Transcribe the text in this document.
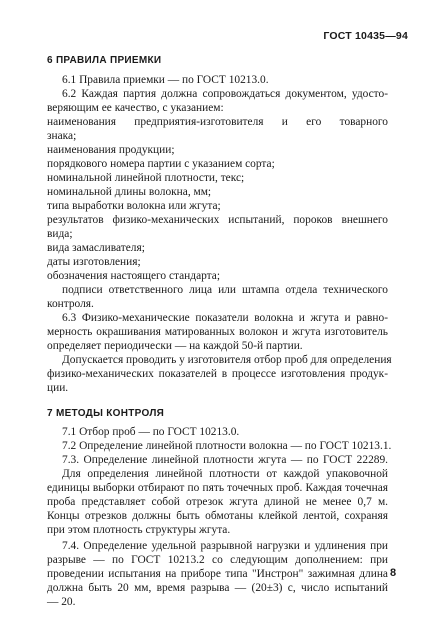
ГОСТ 10435—94
6 ПРАВИЛА ПРИЕМКИ
6.1 Правила приемки — по ГОСТ 10213.0.
6.2 Каждая партия должна сопровождаться документом, удосто-
веряющим ее качество, с указанием:
наименования предприятия-изготовителя и его товарного
знака;
наименования продукции;
порядкового номера партии с указанием сорта;
номинальной линейной плотности, текс;
номинальной длины волокна, мм;
типа выработки волокна или жгута;
результатов физико-механических испытаний, пороков внешнего
вида;
вида замасливателя;
даты изготовления;
обозначения настоящего стандарта;
подписи ответственного лица или штампа отдела технического
контроля.
6.3 Физико-механические показатели волокна и жгута и равно-
мерность окрашивания матированных волокон и жгута изготовитель
определяет периодически — на каждой 50-й партии.
Допускается проводить у изготовителя отбор проб для определения
физико-механических показателей в процессе изготовления продук-
ции.
7 МЕТОДЫ КОНТРОЛЯ
7.1 Отбор проб — по ГОСТ 10213.0.
7.2 Определение линейной плотности волокна — по ГОСТ 10213.1.
7.3. Определение линейной плотности жгута — по ГОСТ 22289.
Для определения линейной плотности от каждой упаковочной
единицы выборки отбирают по пять точечных проб. Каждая точечная
проба представляет собой отрезок жгута длиной не менее 0,7 м.
Концы отрезков должны быть обмотаны клейкой лентой, сохраняя
при этом плотность структуры жгута.
7.4. Определение удельной разрывной нагрузки и удлинения при
разрыве — по ГОСТ 10213.2 со следующим дополнением: при
проведении испытания на приборе типа "Инстрон" зажимная длина
должна быть 20 мм, время разрыва — (20±3) с, число испытаний
— 20.
8
